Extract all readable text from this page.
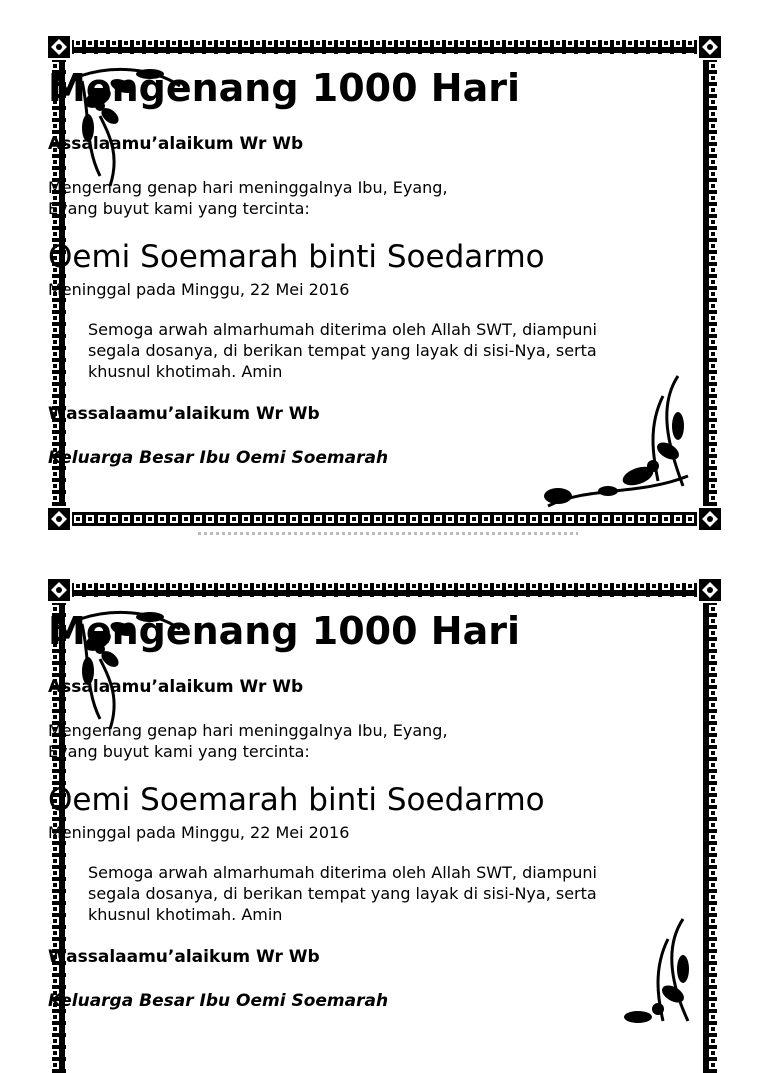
Mengenang 1000 Hari
Assalaamu’alaikum Wr Wb
Mengenang genap hari meninggalnya Ibu, Eyang,
Eyang buyut kami yang tercinta:
Oemi Soemarah binti Soedarmo
Meninggal pada Minggu, 22 Mei 2016
Semoga arwah almarhumah diterima oleh Allah SWT, diampuni
segala dosanya, di berikan tempat yang layak di sisi-Nya, serta
khusnul khotimah. Amin
Wassalaamu’alaikum Wr Wb
Keluarga Besar Ibu Oemi Soemarah
Mengenang 1000 Hari
Assalaamu’alaikum Wr Wb
Mengenang genap hari meninggalnya Ibu, Eyang,
Eyang buyut kami yang tercinta:
Oemi Soemarah binti Soedarmo
Meninggal pada Minggu, 22 Mei 2016
Semoga arwah almarhumah diterima oleh Allah SWT, diampuni
segala dosanya, di berikan tempat yang layak di sisi-Nya, serta
khusnul khotimah. Amin
Wassalaamu’alaikum Wr Wb
Keluarga Besar Ibu Oemi Soemarah
